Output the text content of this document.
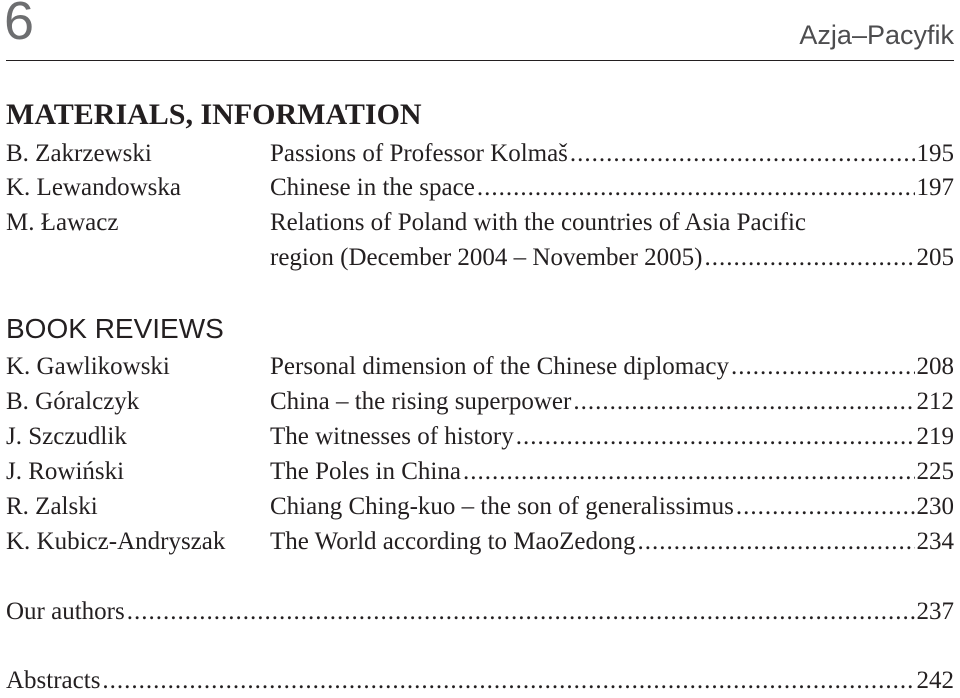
6	Azja–Pacyfik
MATERIALS, INFORMATION
B. Zakrzewski	Passions of Professor Kolmaš .....	195
K. Lewandowska	Chinese in the space .....	197
M. Ławacz	Relations of Poland with the countries of Asia Pacific
region (December 2004 – November 2005) .....	205
BOOK REVIEWS
K. Gawlikowski	Personal dimension of the Chinese diplomacy .....	208
B. Góralczyk	China – the rising superpower .....	212
J. Szczudlik	The witnesses of history .....	219
J. Rowiński	The Poles in China .....	225
R. Zalski	Chiang Ching-kuo – the son of generalissimus .....	230
K. Kubicz-Andryszak The World according to MaoZedong .....	234
Our authors .....	237
Abstracts .....	242
